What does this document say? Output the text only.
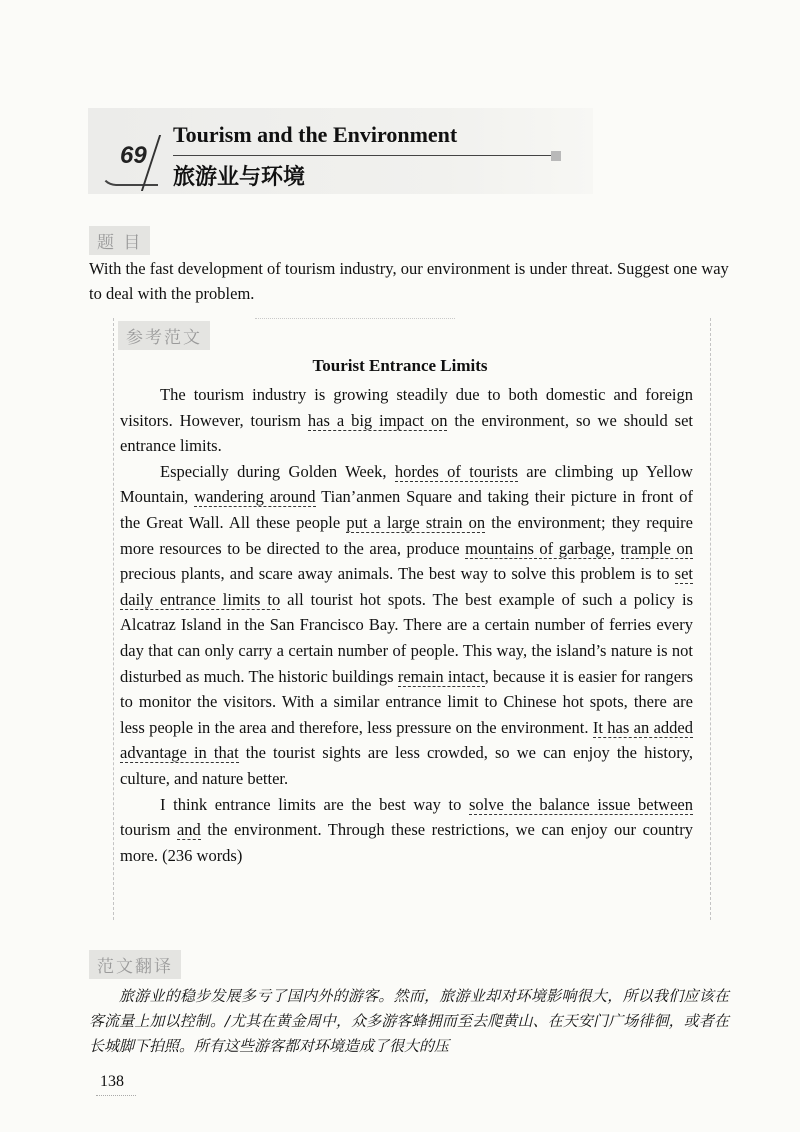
69
Tourism and the Environment
旅游业与环境
题 目

With the fast development of tourism industry, our environment is under threat. Suggest one way to deal with the problem.

参考范文
Tourist Entrance Limits

The tourism industry is growing steadily due to both domestic and foreign visitors. However, tourism has a big impact on the environment, so we should set entrance limits.

Especially during Golden Week, hordes of tourists are climbing up Yellow Mountain, wandering around Tian’anmen Square and taking their picture in front of the Great Wall. All these people put a large strain on the environment; they require more resources to be directed to the area, produce mountains of garbage, trample on precious plants, and scare away animals. The best way to solve this problem is to set daily entrance limits to all tourist hot spots. The best example of such a policy is Alcatraz Island in the San Francisco Bay. There are a certain number of ferries every day that can only carry a certain number of people. This way, the island’s nature is not disturbed as much. The historic buildings remain intact, because it is easier for rangers to monitor the visitors. With a similar entrance limit to Chinese hot spots, there are less people in the area and therefore, less pressure on the environment. It has an added advantage in that the tourist sights are less crowded, so we can enjoy the history, culture, and nature better.

I think entrance limits are the best way to solve the balance issue between tourism and the environment. Through these restrictions, we can enjoy our country more. (236 words)

范文翻译

旅游业的稳步发展多亏了国内外的游客。然而，旅游业却对环境影响很大，所以我们应该在客流量上加以控制。/尤其在黄金周中，众多游客蜂拥而至去爬黄山、在天安门广场徘徊，或者在长城脚下拍照。所有这些游客都对环境造成了很大的压

138
